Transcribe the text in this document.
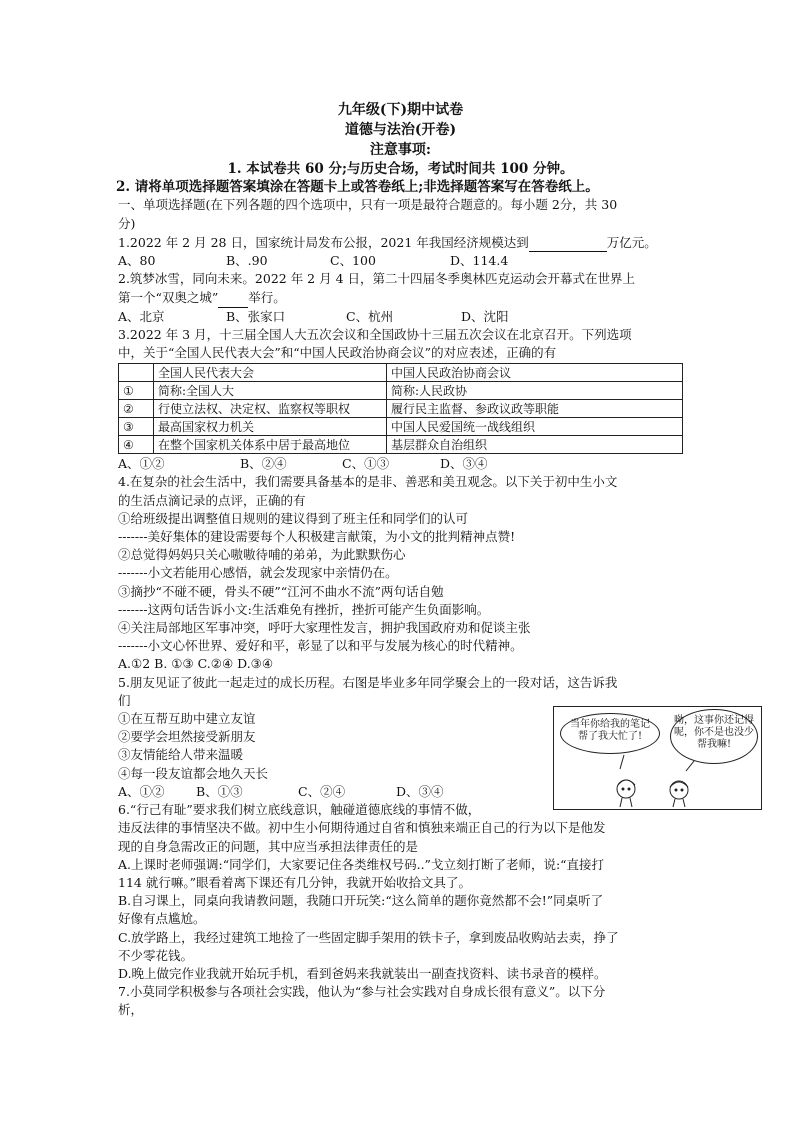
九年级(下)期中试卷
道德与法治(开卷)
注意事项:
1. 本试卷共 60 分;与历史合场，考试时间共 100 分钟。
2. 请将单项选择题答案填涂在答题卡上或答卷纸上;非选择题答案写在答卷纸上。
一、单项选择题(在下列各题的四个选项中，只有一项是最符合题意的。每小题 2分，共 30
分)
1.2022 年 2 月 28 日，国家统计局发布公报，2021 年我国经济规模达到	万亿元。
A、80	B、.90	C、100	D、114.4
2.筑梦冰雪，同向未来。2022 年 2 月 4 日，第二十四届冬季奥林匹克运动会开幕式在世界上
第一个“双奥之城” 举行。
A、北京	B、张家口	C、杭州	D、沈阳
3.2022 年 3 月，十三届全国人大五次会议和全国政协十三届五次会议在北京召开。下列选项
中，关于“全国人民代表大会”和“中国人民政治协商会议”的对应表述，正确的有
	全国人民代表大会	中国人民政治协商会议
①	简称:全国人大	简称:人民政协
②	行使立法权、决定权、监察权等职权	履行民主监督、参政议政等职能
③	最高国家权力机关	中国人民爱国统一战线组织
④	在整个国家机关体系中居于最高地位	基层群众自治组织
A、①②	B、②④	C、①③	D、③④
4.在复杂的社会生活中，我们需要具备基本的是非、善恶和美丑观念。以下关于初中生小文
的生活点滴记录的点评，正确的有
①给班级提出调整值日规则的建议得到了班主任和同学们的认可
-------美好集体的建设需要每个人积极建言献策，为小文的批判精神点赞!
②总觉得妈妈只关心嗷嗷待哺的弟弟，为此默默伤心
-------小文若能用心感悟，就会发现家中亲情仍在。
③摘抄“不碰不硬，骨头不硬”“江河不曲水不流”两句话自勉
-------这两句话告诉小文:生活难免有挫折，挫折可能产生负面影响。
④关注局部地区军事冲突，呼吁大家理性发言，拥护我国政府劝和促谈主张
-------小文心怀世界、爱好和平，彰显了以和平与发展为核心的时代精神。
A.①2 B. ①③ C.②④ D.③④
5.朋友见证了彼此一起走过的成长历程。右图是毕业多年同学聚会上的一段对话，这告诉我
们
①在互帮互助中建立友谊
②要学会坦然接受新朋友
③友情能给人带来温暖
④每一段友谊都会地久天长
A、①②	B、①③	C、②④	D、③④
6.“行己有耻”要求我们树立底线意识，触碰道德底线的事情不做，
违反法律的事情坚决不做。初中生小何期待通过自省和慎独来端正自己的行为以下是他发
现的自身急需改正的问题，其中应当承担法律责任的是
A.上课时老师强调:“同学们，大家要记住各类维权号码..”戈立刻打断了老师，说:“直接打
114 就行嘛。”眼看着离下课还有几分钟，我就开始收拾文具了。
B.自习课上，同桌向我请教问题，我随口开玩笑:“这么简单的题你竟然都不会!”同桌听了
好像有点尴尬。
C.放学路上，我经过建筑工地捡了一些固定脚手架用的铁卡子，拿到废品收购站去卖，挣了
不少零花钱。
D.晚上做完作业我就开始玩手机，看到爸妈来我就装出一副查找资料、读书录音的模样。
7.小莫同学积极参与各项社会实践，他认为“参与社会实践对自身成长很有意义”。以下分
析，
当年你给我的笔记
帮了我大忙了!
呦，这事你还记得
呢，你不是也没少
帮我嘛!
